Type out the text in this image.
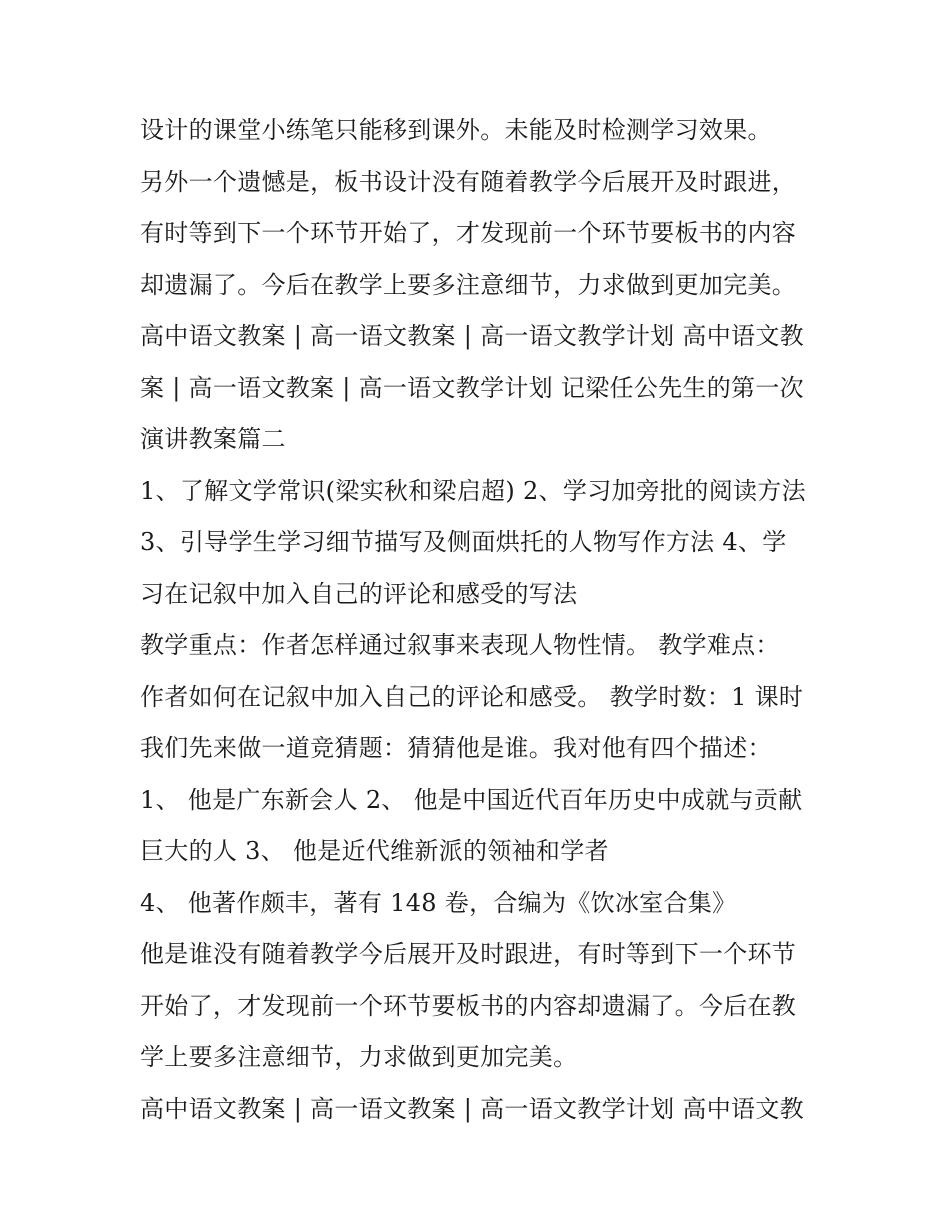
设计的课堂小练笔只能移到课外。未能及时检测学习效果。
另外一个遗憾是，板书设计没有随着教学今后展开及时跟进，
有时等到下一个环节开始了，才发现前一个环节要板书的内容
却遗漏了。今后在教学上要多注意细节，力求做到更加完美。
高中语文教案 | 高一语文教案 | 高一语文教学计划 高中语文教
案 | 高一语文教案 | 高一语文教学计划 记梁任公先生的第一次
演讲教案篇二
1、了解文学常识(梁实秋和梁启超) 2、学习加旁批的阅读方法
3、引导学生学习细节描写及侧面烘托的人物写作方法 4、学
习在记叙中加入自己的评论和感受的写法
教学重点：作者怎样通过叙事来表现人物性情。 教学难点：
作者如何在记叙中加入自己的评论和感受。 教学时数：1 课时
我们先来做一道竞猜题：猜猜他是谁。我对他有四个描述：
1、 他是广东新会人 2、 他是中国近代百年历史中成就与贡献
巨大的人 3、 他是近代维新派的领袖和学者
4、 他著作颇丰，著有 148 卷，合编为《饮冰室合集》
他是谁没有随着教学今后展开及时跟进，有时等到下一个环节
开始了，才发现前一个环节要板书的内容却遗漏了。今后在教
学上要多注意细节，力求做到更加完美。
高中语文教案 | 高一语文教案 | 高一语文教学计划 高中语文教
